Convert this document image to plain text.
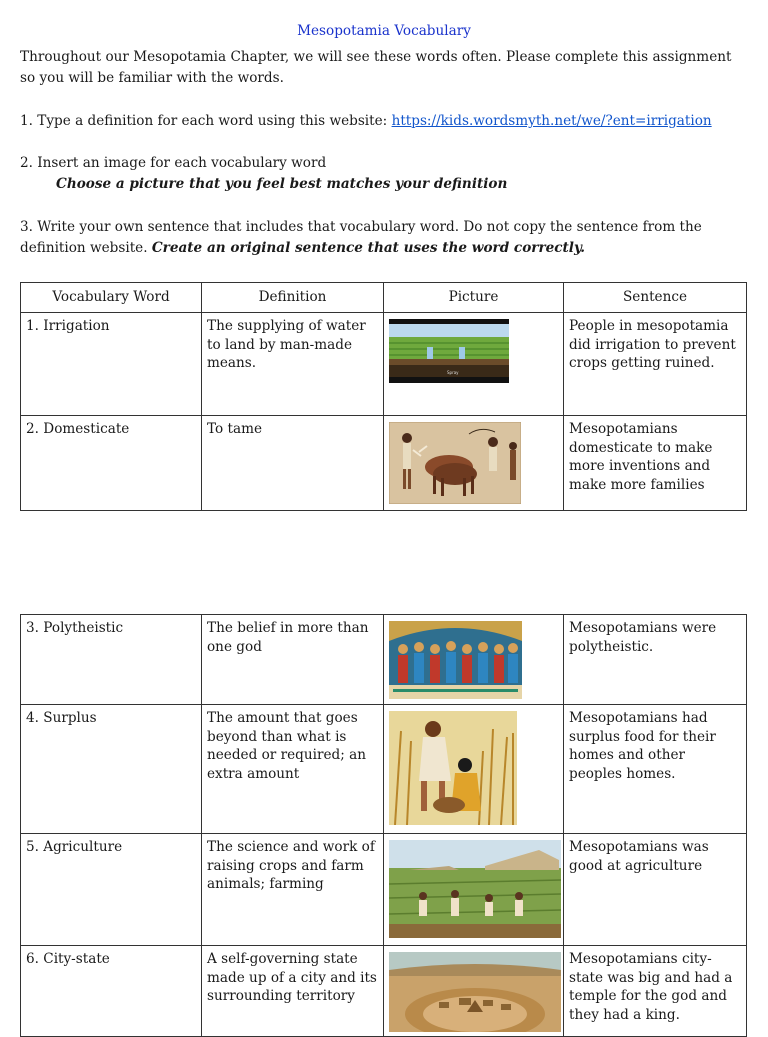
Mesopotamia Vocabulary

Throughout our Mesopotamia Chapter, we will see these words often. Please complete this assignment so you will be familiar with the words.

1. Type a definition for each word using this website: https://kids.wordsmyth.net/we/?ent=irrigation

2. Insert an image for each vocabulary word

Choose a picture that you feel best matches your definition

3. Write your own sentence that includes that vocabulary word. Do not copy the sentence from the definition website. Create an original sentence that uses the word correctly.

Vocabulary Word	Definition	Picture	Sentence
1. Irrigation	The supplying of water to land by man-made means.	Spray	People in mesopotamia did irrigation to prevent crops getting ruined.
2. Domesticate	To tame		Mesopotamians domesticate to make more inventions and make more families
3. Polytheistic	The belief in more than one god		Mesopotamians were polytheistic.
4. Surplus	The amount that goes beyond than what is needed or required; an extra amount		Mesopotamians had surplus food for their homes and other peoples homes.
5. Agriculture	The science and work of raising crops and farm animals; farming		Mesopotamians was good at agriculture
6. City-state	A self-governing state made up of a city and its surrounding territory		Mesopotamians city-state was big and had a temple for the god and they had a king.
